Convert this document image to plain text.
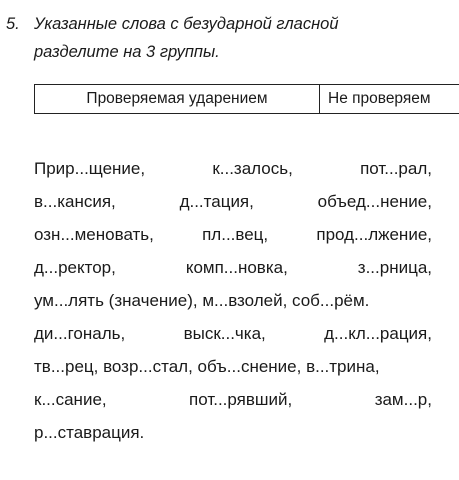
5. Указанные слова с безударной гласной
разделите на 3 группы.
Проверяемая ударением	Не проверяем	
Прир...щение,	к...залось,	пот...рал,
в...кансия,	д...тация,	объед...нение,
озн...меновать,	пл...вец,	прод...лжение,
д...ректор,	комп...новка,	з...рница,
ум...лять (значение), м...взолей, соб...рём.
ди...гональ,	выск...чка,	д...кл...рация,
тв...рец, возр...стал, объ...снение, в...трина,
к...сание,	пот...рявший,	зам...р,
р...ставрация.
